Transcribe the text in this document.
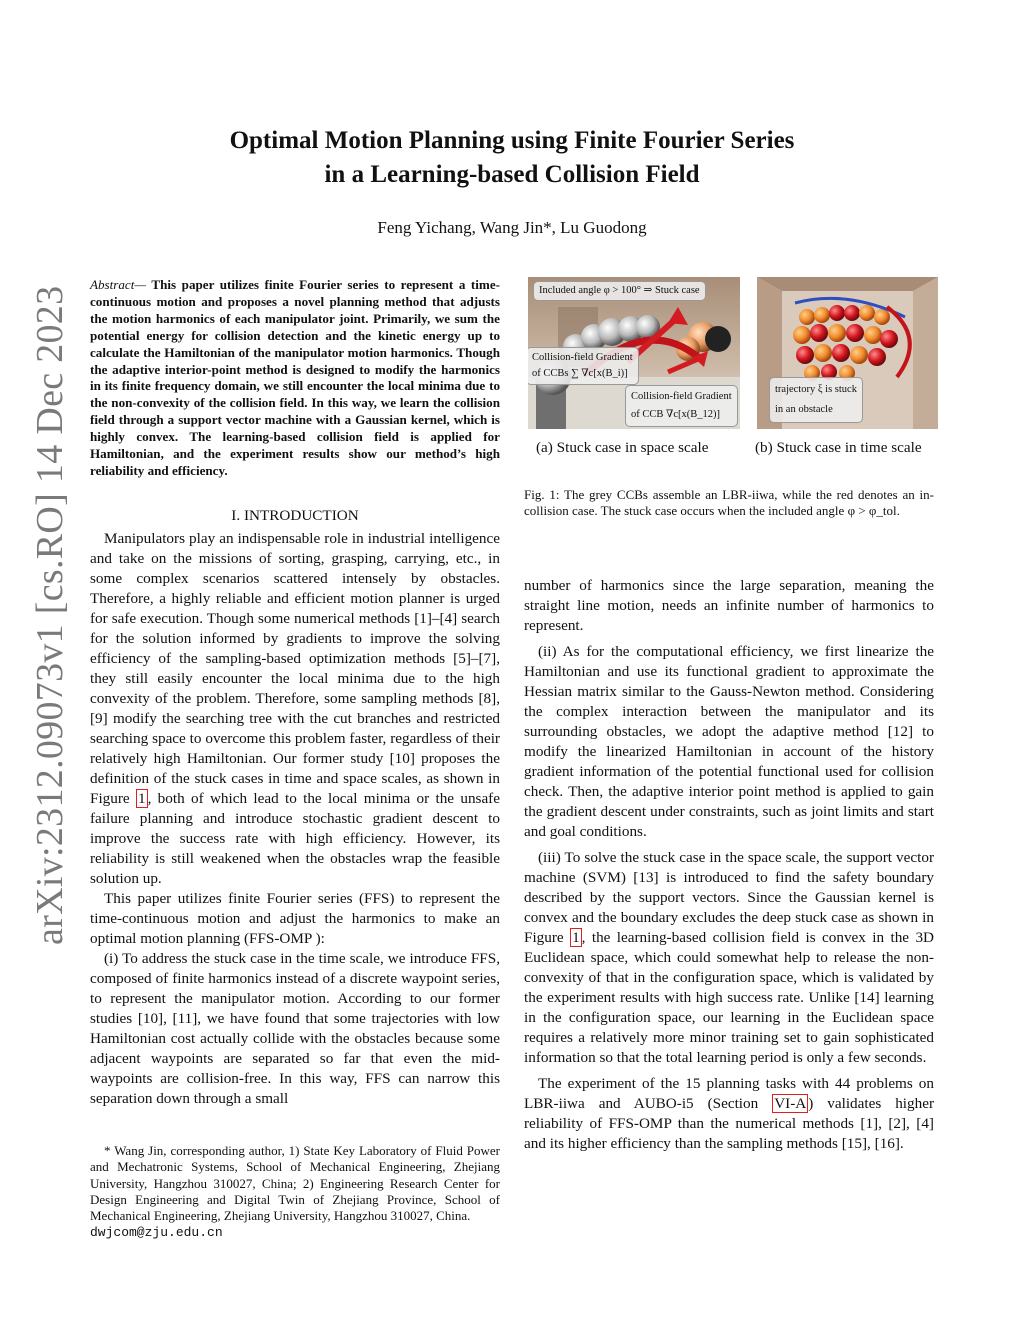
Optimal Motion Planning using Finite Fourier Series
in a Learning-based Collision Field
Feng Yichang, Wang Jin*, Lu Guodong
arXiv:2312.09073v1 [cs.RO] 14 Dec 2023
Abstract— This paper utilizes finite Fourier series to represent a time-continuous motion and proposes a novel planning method that adjusts the motion harmonics of each manipulator joint. Primarily, we sum the potential energy for collision detection and the kinetic energy up to calculate the Hamiltonian of the manipulator motion harmonics. Though the adaptive interior-point method is designed to modify the harmonics in its finite frequency domain, we still encounter the local minima due to the non-convexity of the collision field. In this way, we learn the collision field through a support vector machine with a Gaussian kernel, which is highly convex. The learning-based collision field is applied for Hamiltonian, and the experiment results show our method’s high reliability and efficiency.
I. INTRODUCTION

Manipulators play an indispensable role in industrial intelligence and take on the missions of sorting, grasping, carrying, etc., in some complex scenarios scattered intensely by obstacles. Therefore, a highly reliable and efficient motion planner is urged for safe execution. Though some numerical methods [1]–[4] search for the solution informed by gradients to improve the solving efficiency of the sampling-based optimization methods [5]–[7], they still easily encounter the local minima due to the high convexity of the problem. Therefore, some sampling methods [8], [9] modify the searching tree with the cut branches and restricted searching space to overcome this problem faster, regardless of their relatively high Hamiltonian. Our former study [10] proposes the definition of the stuck cases in time and space scales, as shown in Figure 1 , both of which lead to the local minima or the unsafe failure planning and introduce stochastic gradient descent to improve the success rate with high efficiency. However, its reliability is still weakened when the obstacles wrap the feasible solution up.

This paper utilizes finite Fourier series (FFS) to represent the time-continuous motion and adjust the harmonics to make an optimal motion planning (FFS-OMP ):

(i) To address the stuck case in the time scale, we introduce FFS, composed of finite harmonics instead of a discrete waypoint series, to represent the manipulator motion. According to our former studies [10], [11], we have found that some trajectories with low Hamiltonian cost actually collide with the obstacles because some adjacent waypoints are separated so far that even the mid-waypoints are collision-free. In this way, FFS can narrow this separation down through a small

* Wang Jin, corresponding author, 1) State Key Laboratory of Fluid Power and Mechatronic Systems, School of Mechanical Engineering, Zhejiang University, Hangzhou 310027, China; 2) Engineering Research Center for Design Engineering and Digital Twin of Zhejiang Province, School of Mechanical Engineering, Zhejiang University, Hangzhou 310027, China.
dwjcom@zju.edu.cn
Included angle φ > 100° ⇒ Stuck case
Collision-field Gradient
of CCBs ∑ ∇c[x(B_i)]
Collision-field Gradient
of CCB ∇c[x(B_12)]
trajectory ξ is stuck
in an obstacle
(a) Stuck case in space scale	(b) Stuck case in time scale
Fig. 1: The grey CCBs assemble an LBR-iiwa, while the red denotes an in-collision case. The stuck case occurs when the included angle φ > φ_tol.

number of harmonics since the large separation, meaning the straight line motion, needs an infinite number of harmonics to represent.

(ii) As for the computational efficiency, we first linearize the Hamiltonian and use its functional gradient to approximate the Hessian matrix similar to the Gauss-Newton method. Considering the complex interaction between the manipulator and its surrounding obstacles, we adopt the adaptive method [12] to modify the linearized Hamiltonian in account of the history gradient information of the potential functional used for collision check. Then, the adaptive interior point method is applied to gain the gradient descent under constraints, such as joint limits and start and goal conditions.

(iii) To solve the stuck case in the space scale, the support vector machine (SVM) [13] is introduced to find the safety boundary described by the support vectors. Since the Gaussian kernel is convex and the boundary excludes the deep stuck case as shown in Figure 1 , the learning-based collision field is convex in the 3D Euclidean space, which could somewhat help to release the non-convexity of that in the configuration space, which is validated by the experiment results with high success rate. Unlike [14] learning in the configuration space, our learning in the Euclidean space requires a relatively more minor training set to gain sophisticated information so that the total learning period is only a few seconds.

The experiment of the 15 planning tasks with 44 problems on LBR-iiwa and AUBO-i5 (Section VI-A ) validates higher reliability of FFS-OMP than the numerical methods [1], [2], [4] and its higher efficiency than the sampling methods [15], [16].
